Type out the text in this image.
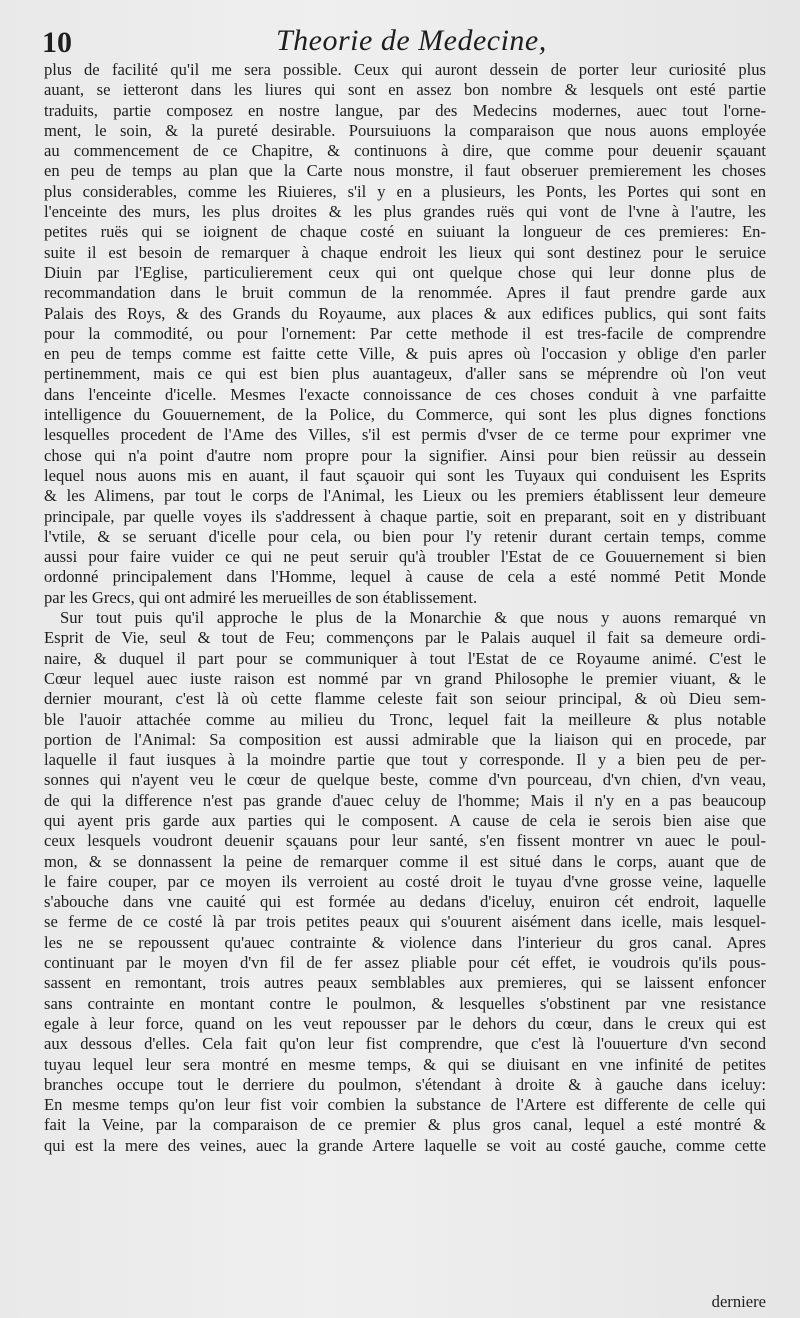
10	Theorie de Medecine,
plus de facilité qu'il me sera possible. Ceux qui auront dessein de porter leur curiosité plus
auant, se ietteront dans les liures qui sont en assez bon nombre & lesquels ont esté partie
traduits, partie composez en nostre langue, par des Medecins modernes, auec tout l'orne-
ment, le soin, & la pureté desirable. Poursuiuons la comparaison que nous auons employée
au commencement de ce Chapitre, & continuons à dire, que comme pour deuenir sçauant
en peu de temps au plan que la Carte nous monstre, il faut obseruer premierement les choses
plus considerables, comme les Riuieres, s'il y en a plusieurs, les Ponts, les Portes qui sont en
l'enceinte des murs, les plus droites & les plus grandes ruës qui vont de l'vne à l'autre, les
petites ruës qui se ioignent de chaque costé en suiuant la longueur de ces premieres: En-
suite il est besoin de remarquer à chaque endroit les lieux qui sont destinez pour le seruice
Diuin par l'Eglise, particulierement ceux qui ont quelque chose qui leur donne plus de
recommandation dans le bruit commun de la renommée. Apres il faut prendre garde aux
Palais des Roys, & des Grands du Royaume, aux places & aux edifices publics, qui sont faits
pour la commodité, ou pour l'ornement: Par cette methode il est tres-facile de comprendre
en peu de temps comme est faitte cette Ville, & puis apres où l'occasion y oblige d'en parler
pertinemment, mais ce qui est bien plus auantageux, d'aller sans se méprendre où l'on veut
dans l'enceinte d'icelle. Mesmes l'exacte connoissance de ces choses conduit à vne parfaitte
intelligence du Gouuernement, de la Police, du Commerce, qui sont les plus dignes fonctions
lesquelles procedent de l'Ame des Villes, s'il est permis d'vser de ce terme pour exprimer vne
chose qui n'a point d'autre nom propre pour la signifier. Ainsi pour bien reüssir au dessein
lequel nous auons mis en auant, il faut sçauoir qui sont les Tuyaux qui conduisent les Esprits
& les Alimens, par tout le corps de l'Animal, les Lieux ou les premiers établissent leur demeure
principale, par quelle voyes ils s'addressent à chaque partie, soit en preparant, soit en y distribuant
l'vtile, & se seruant d'icelle pour cela, ou bien pour l'y retenir durant certain temps, comme
aussi pour faire vuider ce qui ne peut seruir qu'à troubler l'Estat de ce Gouuernement si bien
ordonné principalement dans l'Homme, lequel à cause de cela a esté nommé Petit Monde
par les Grecs, qui ont admiré les merueilles de son établissement.
Sur tout puis qu'il approche le plus de la Monarchie & que nous y auons remarqué vn
Esprit de Vie, seul & tout de Feu; commençons par le Palais auquel il fait sa demeure ordi-
naire, & duquel il part pour se communiquer à tout l'Estat de ce Royaume animé. C'est le
Cœur lequel auec iuste raison est nommé par vn grand Philosophe le premier viuant, & le
dernier mourant, c'est là où cette flamme celeste fait son seiour principal, & où Dieu sem-
ble l'auoir attachée comme au milieu du Tronc, lequel fait la meilleure & plus notable
portion de l'Animal: Sa composition est aussi admirable que la liaison qui en procede, par
laquelle il faut iusques à la moindre partie que tout y corresponde. Il y a bien peu de per-
sonnes qui n'ayent veu le cœur de quelque beste, comme d'vn pourceau, d'vn chien, d'vn veau,
de qui la difference n'est pas grande d'auec celuy de l'homme; Mais il n'y en a pas beaucoup
qui ayent pris garde aux parties qui le composent. A cause de cela ie serois bien aise que
ceux lesquels voudront deuenir sçauans pour leur santé, s'en fissent montrer vn auec le poul-
mon, & se donnassent la peine de remarquer comme il est situé dans le corps, auant que de
le faire couper, par ce moyen ils verroient au costé droit le tuyau d'vne grosse veine, laquelle
s'abouche dans vne cauité qui est formée au dedans d'iceluy, enuiron cét endroit, laquelle
se ferme de ce costé là par trois petites peaux qui s'ouurent aisément dans icelle, mais lesquel-
les ne se repoussent qu'auec contrainte & violence dans l'interieur du gros canal. Apres
continuant par le moyen d'vn fil de fer assez pliable pour cét effet, ie voudrois qu'ils pous-
sassent en remontant, trois autres peaux semblables aux premieres, qui se laissent enfoncer
sans contrainte en montant contre le poulmon, & lesquelles s'obstinent par vne resistance
egale à leur force, quand on les veut repousser par le dehors du cœur, dans le creux qui est
aux dessous d'elles. Cela fait qu'on leur fist comprendre, que c'est là l'ouuerture d'vn second
tuyau lequel leur sera montré en mesme temps, & qui se diuisant en vne infinité de petites
branches occupe tout le derriere du poulmon, s'étendant à droite & à gauche dans iceluy:
En mesme temps qu'on leur fist voir combien la substance de l'Artere est differente de celle qui
fait la Veine, par la comparaison de ce premier & plus gros canal, lequel a esté montré &
qui est la mere des veines, auec la grande Artere laquelle se voit au costé gauche, comme cette
derniere
